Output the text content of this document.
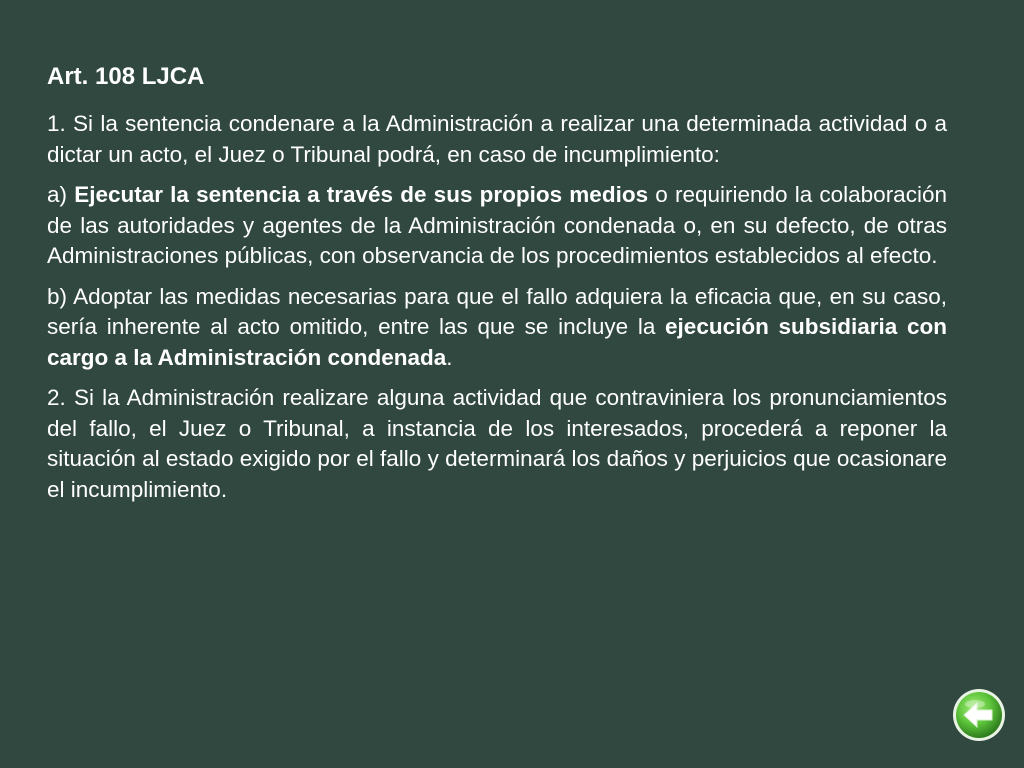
Art. 108 LJCA

1. Si la sentencia condenare a la Administración a realizar una determinada actividad o a dictar un acto, el Juez o Tribunal podrá, en caso de incumplimiento:

a) Ejecutar la sentencia a través de sus propios medios o requiriendo la colaboración de las autoridades y agentes de la Administración condenada o, en su defecto, de otras Administraciones públicas, con observancia de los procedimientos establecidos al efecto.

b) Adoptar las medidas necesarias para que el fallo adquiera la eficacia que, en su caso, sería inherente al acto omitido, entre las que se incluye la ejecución subsidiaria con cargo a la Administración condenada.

2. Si la Administración realizare alguna actividad que contraviniera los pronunciamientos del fallo, el Juez o Tribunal, a instancia de los interesados, procederá a reponer la situación al estado exigido por el fallo y determinará los daños y perjuicios que ocasionare el incumplimiento.
